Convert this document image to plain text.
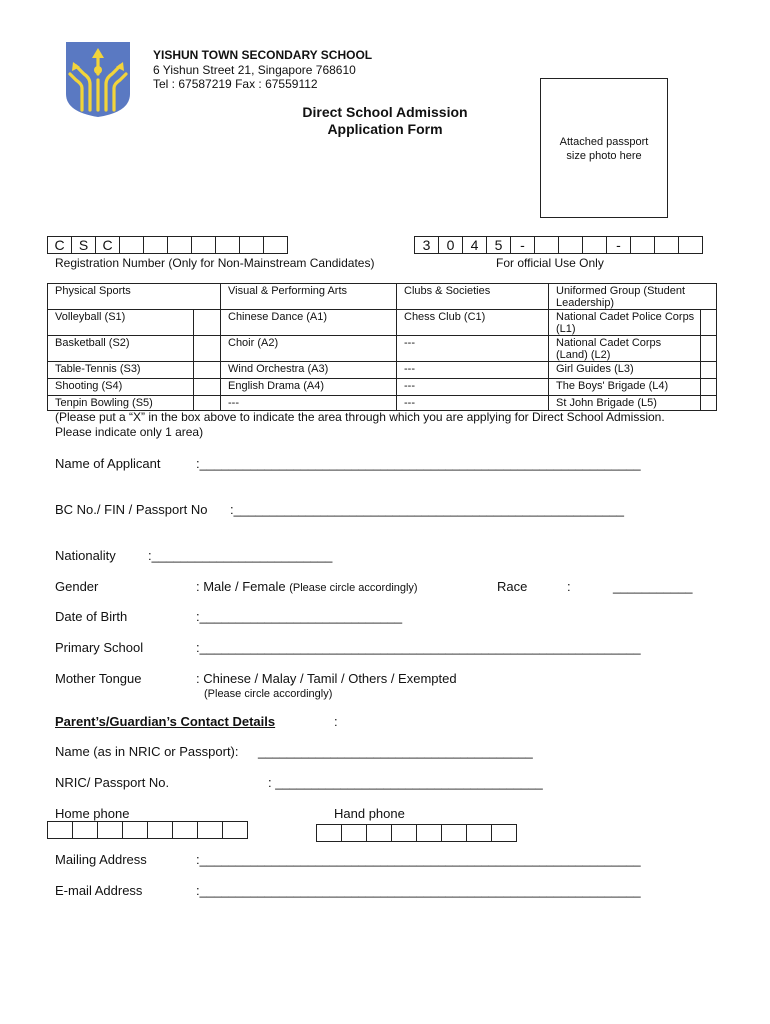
YISHUN TOWN SECONDARY SCHOOL
6 Yishun Street 21, Singapore 768610
Tel : 67587219 Fax : 67559112
Direct School Admission
Application Form
Attached passport
size photo here
C	S	C
Registration Number (Only for Non-Mainstream Candidates)
3	0	4	5	-	-
For official Use Only
Physical Sports		Visual & Performing Arts	Clubs & Societies	Uniformed Group (Student Leadership)	
Volleyball (S1)		Chinese Dance (A1)	Chess Club (C1)	National Cadet Police Corps (L1)	
Basketball (S2)		Choir (A2)	---	National Cadet Corps (Land) (L2)	
Table-Tennis (S3)		Wind Orchestra (A3)	---	Girl Guides (L3)	
Shooting (S4)		English Drama (A4)	---	The Boys' Brigade (L4)	
Tenpin Bowling (S5)		---	---	St John Brigade (L5)	
(Please put a “X” in the box above to indicate the area through which you are applying for Direct School Admission.
Please indicate only 1 area)
Name of Applicant	:_____________________________________________________________
BC No./ FIN / Passport No :______________________________________________________
Nationality :_________________________
Gender	: Male / Female (Please circle accordingly)	Race	:	___________
Date of Birth	:____________________________
Primary School	:_____________________________________________________________
Mother Tongue	: Chinese / Malay / Tamil / Others / Exempted
(Please circle accordingly)
Parent’s/Guardian’s Contact Details	:
Name (as in NRIC or Passport): ______________________________________
NRIC/ Passport No.	: _____________________________________
Home phone	Hand phone
Mailing Address	:_____________________________________________________________
E-mail Address	:_____________________________________________________________
